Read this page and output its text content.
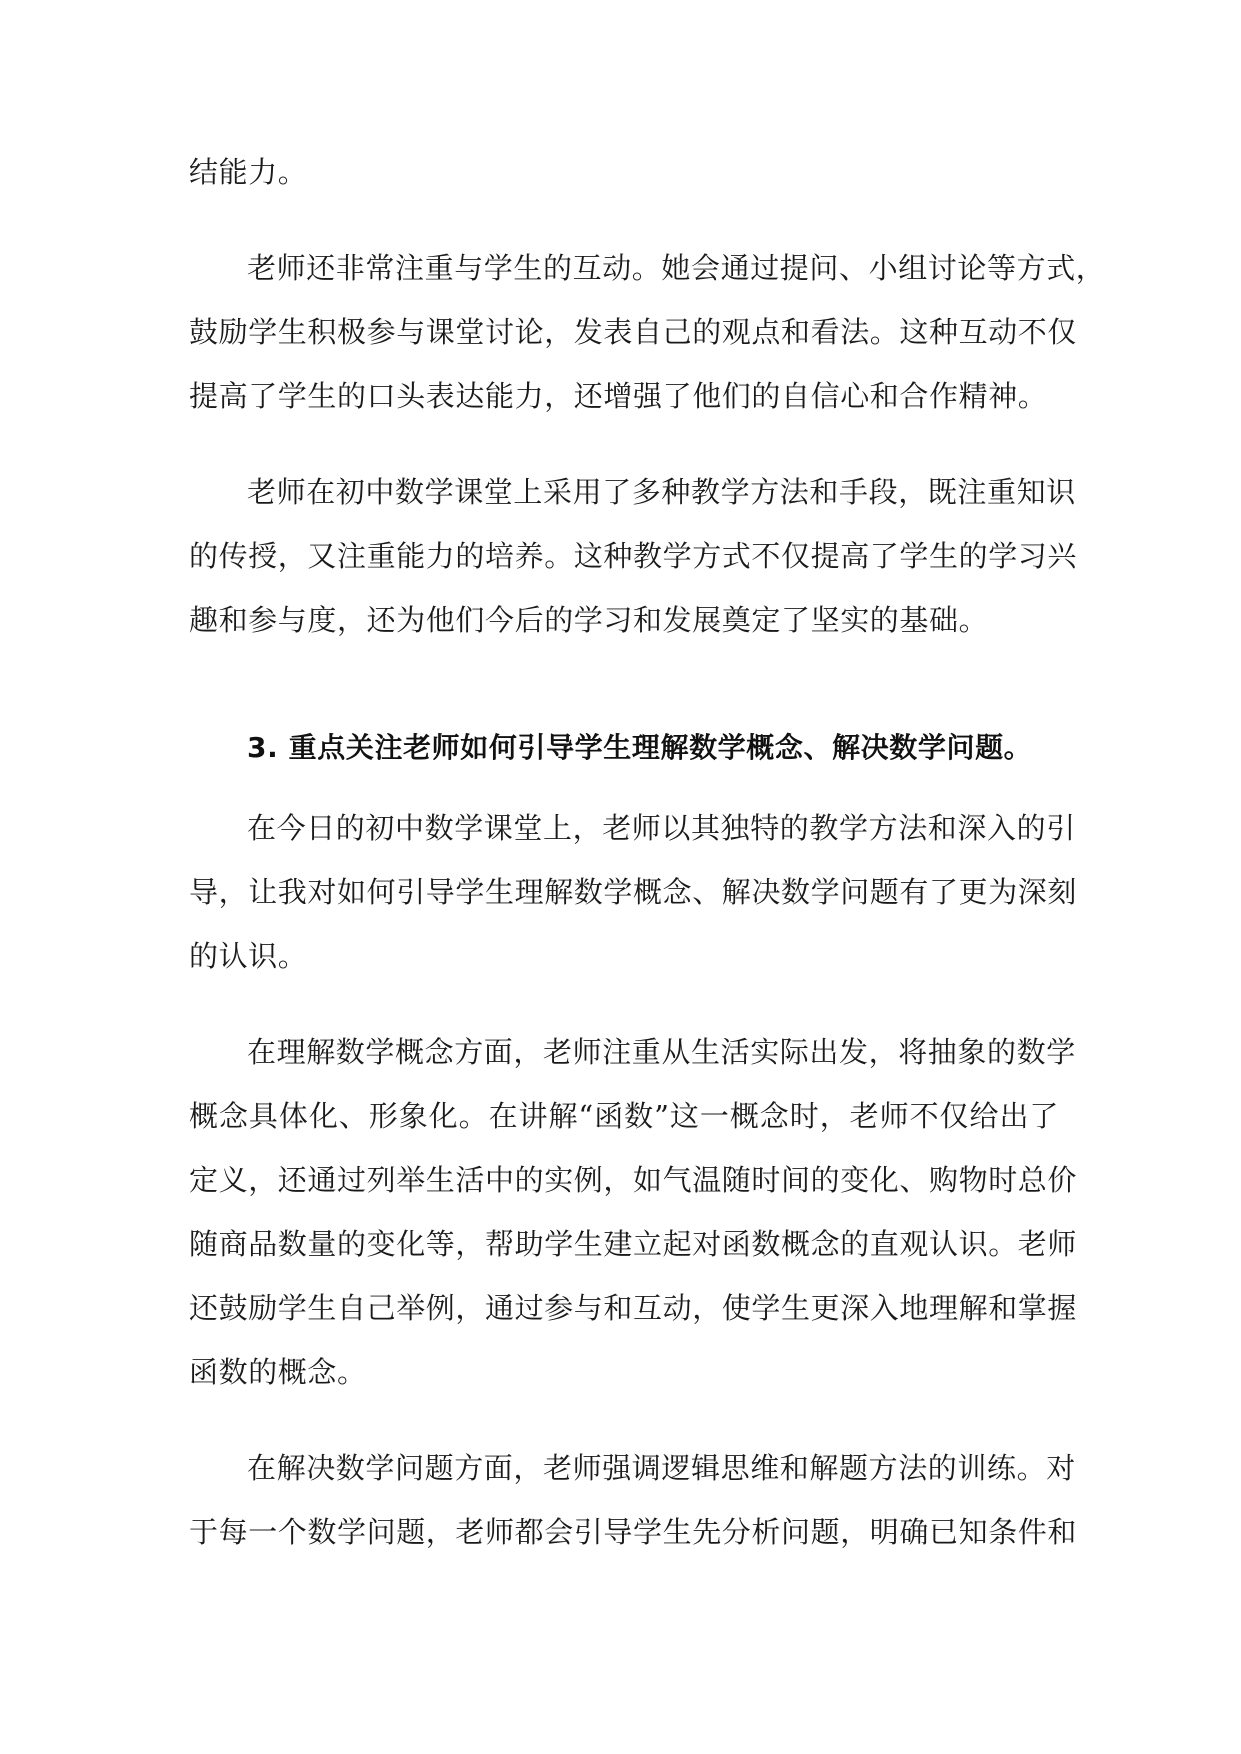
结能力。
老师还非常注重与学生的互动。她会通过提问、小组讨论等方式，
鼓励学生积极参与课堂讨论，发表自己的观点和看法。这种互动不仅
提高了学生的口头表达能力，还增强了他们的自信心和合作精神。
老师在初中数学课堂上采用了多种教学方法和手段，既注重知识
的传授，又注重能力的培养。这种教学方式不仅提高了学生的学习兴
趣和参与度，还为他们今后的学习和发展奠定了坚实的基础。
3. 重点关注老师如何引导学生理解数学概念、解决数学问题。
在今日的初中数学课堂上，老师以其独特的教学方法和深入的引
导，让我对如何引导学生理解数学概念、解决数学问题有了更为深刻
的认识。
在理解数学概念方面，老师注重从生活实际出发，将抽象的数学
概念具体化、形象化。在讲解“函数”这一概念时，老师不仅给出了
定义，还通过列举生活中的实例，如气温随时间的变化、购物时总价
随商品数量的变化等，帮助学生建立起对函数概念的直观认识。老师
还鼓励学生自己举例，通过参与和互动，使学生更深入地理解和掌握
函数的概念。
在解决数学问题方面，老师强调逻辑思维和解题方法的训练。对
于每一个数学问题，老师都会引导学生先分析问题，明确已知条件和
